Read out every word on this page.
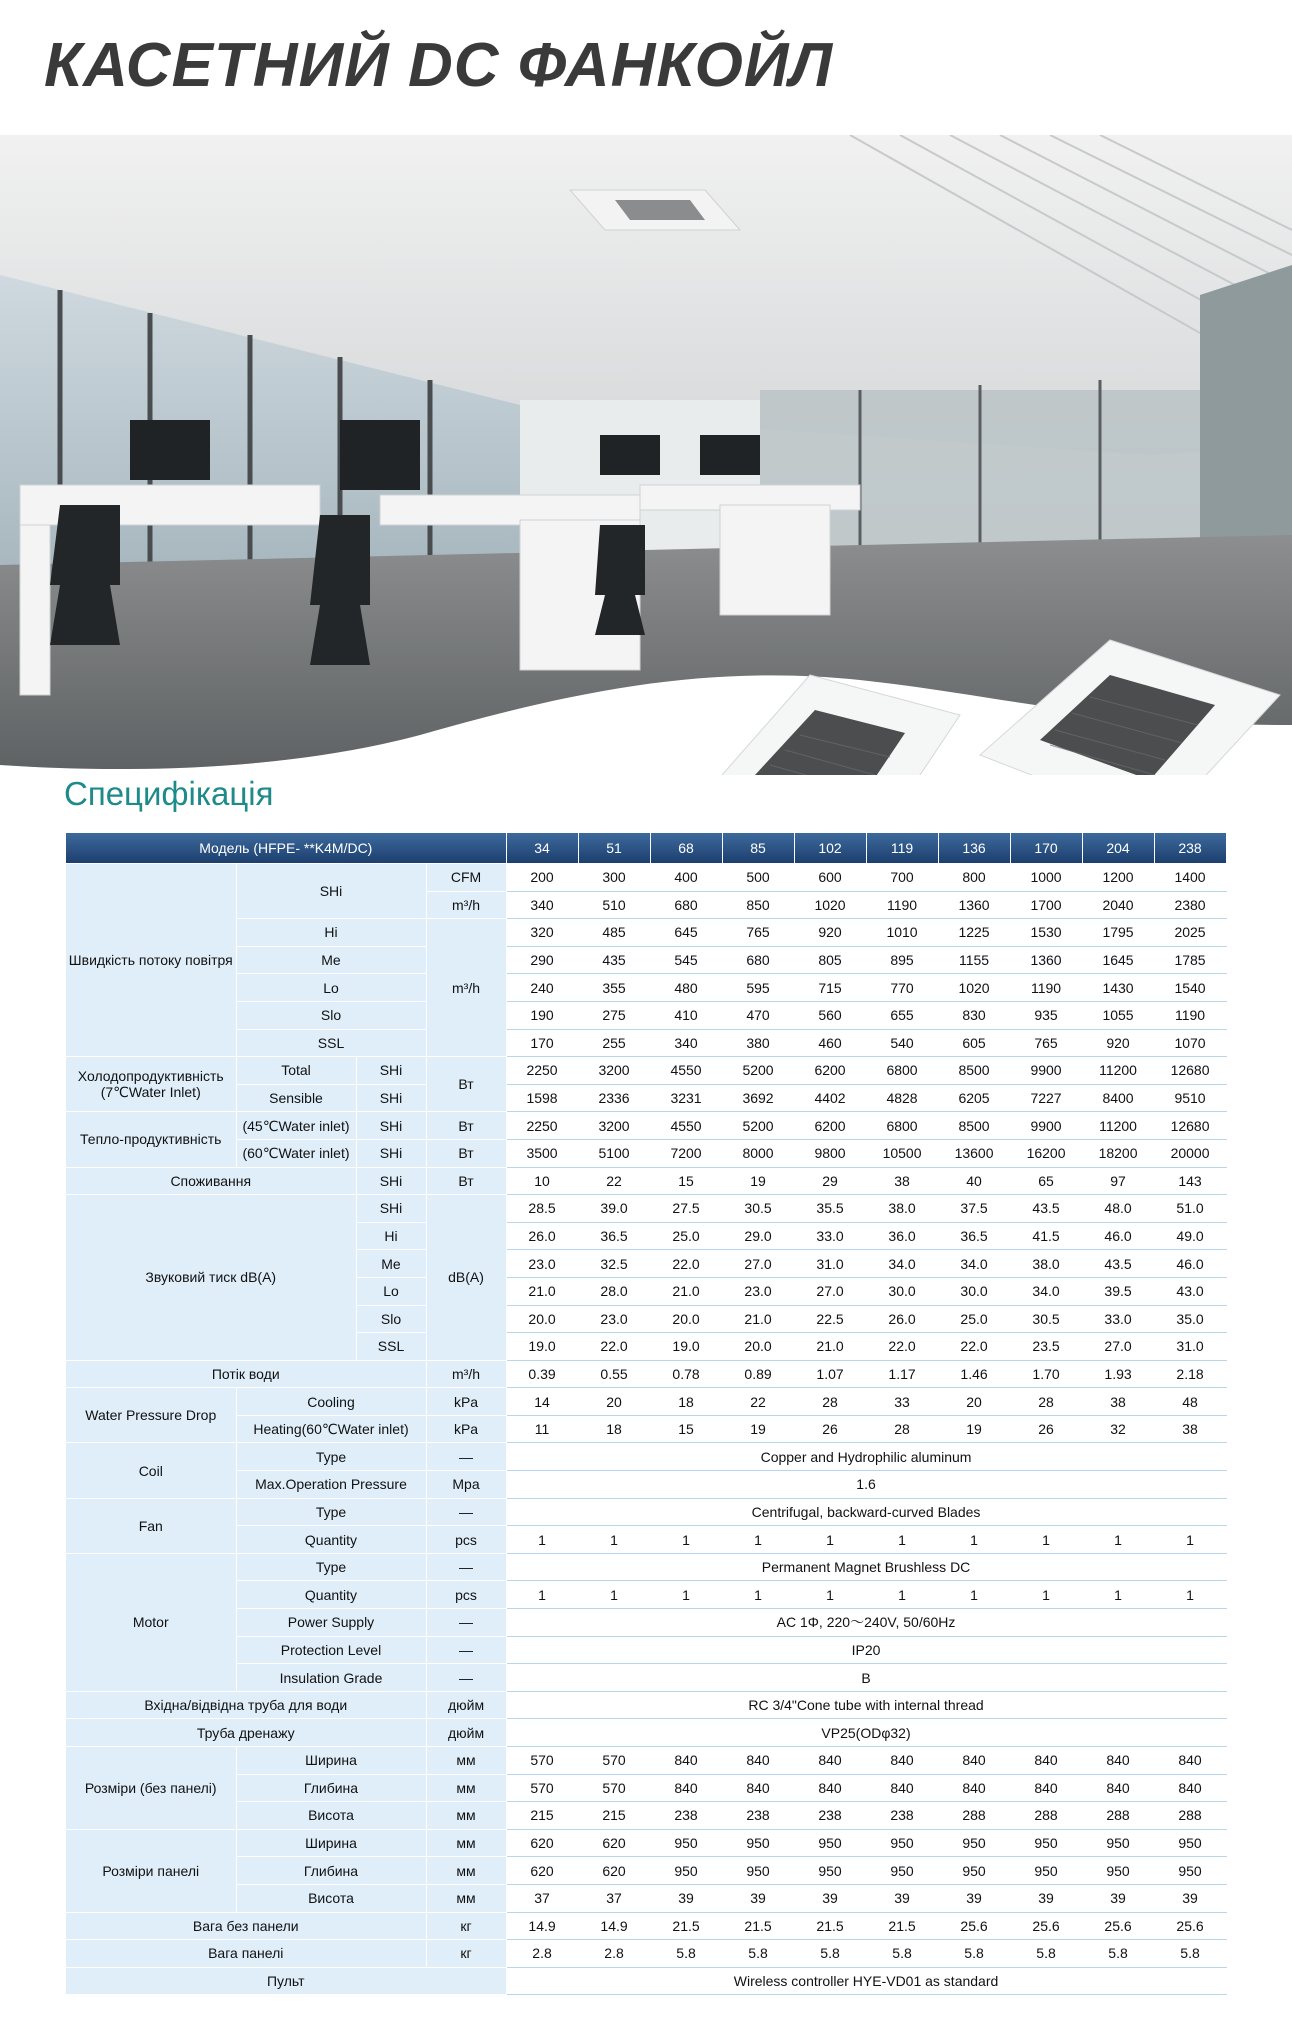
КАСЕТНИЙ DC ФАНКОЙЛ
Специфікація
Модель (HFPE- **K4M/DC)				34	51	68	85	102	119	136	170	204	238
Швидкість потоку повітря	SHi		CFM	200	300	400	500	600	700	800	1000	1200	1400
			m³/h	340	510	680	850	1020	1190	1360	1700	2040	2380
	Hi		m³/h	320	485	645	765	920	1010	1225	1530	1795	2025
	Me			290	435	545	680	805	895	1155	1360	1645	1785
	Lo			240	355	480	595	715	770	1020	1190	1430	1540
	Slo			190	275	410	470	560	655	830	935	1055	1190
	SSL			170	255	340	380	460	540	605	765	920	1070
Холодопродуктивність (7℃Water Inlet)	Total	SHi	Вт	2250	3200	4550	5200	6200	6800	8500	9900	11200	12680
	Sensible	SHi		1598	2336	3231	3692	4402	4828	6205	7227	8400	9510
Тепло-продуктивність	(45℃Water inlet)	SHi	Вт	2250	3200	4550	5200	6200	6800	8500	9900	11200	12680
	(60℃Water inlet)	SHi	Вт	3500	5100	7200	8000	9800	10500	13600	16200	18200	20000
Споживання		SHi	Вт	10	22	15	19	29	38	40	65	97	143
Звуковий тиск dB(A)		SHi	dB(A)	28.5	39.0	27.5	30.5	35.5	38.0	37.5	43.5	48.0	51.0
		Hi		26.0	36.5	25.0	29.0	33.0	36.0	36.5	41.5	46.0	49.0
		Me		23.0	32.5	22.0	27.0	31.0	34.0	34.0	38.0	43.5	46.0
		Lo		21.0	28.0	21.0	23.0	27.0	30.0	30.0	34.0	39.5	43.0
		Slo		20.0	23.0	20.0	21.0	22.5	26.0	25.0	30.5	33.0	35.0
		SSL		19.0	22.0	19.0	20.0	21.0	22.0	22.0	23.5	27.0	31.0
Потік води			m³/h	0.39	0.55	0.78	0.89	1.07	1.17	1.46	1.70	1.93	2.18
Water Pressure Drop	Cooling		kPa	14	20	18	22	28	33	20	28	38	48
	Heating(60℃Water inlet)		kPa	11	18	15	19	26	28	19	26	32	38
Coil	Type		—	Copper and Hydrophilic aluminum									
	Max.Operation Pressure		Mpa	1.6									
Fan	Type		—	Centrifugal, backward-curved Blades									
	Quantity		pcs	1	1	1	1	1	1	1	1	1	1
Motor	Type		—	Permanent Magnet Brushless DC									
	Quantity		pcs	1	1	1	1	1	1	1	1	1	1
	Power Supply		—	AC 1Φ, 220～240V, 50/60Hz									
	Protection Level		—	IP20									
	Insulation Grade		—	B									
Вхідна/відвідна труба для води			дюйм	RC 3/4"Cone tube with internal thread									
Труба дренажу			дюйм	VP25(ODφ32)									
Розміри (без панелі)	Ширина		мм	570	570	840	840	840	840	840	840	840	840
	Глибина		мм	570	570	840	840	840	840	840	840	840	840
	Висота		мм	215	215	238	238	238	238	288	288	288	288
Розміри панелі	Ширина		мм	620	620	950	950	950	950	950	950	950	950
	Глибина		мм	620	620	950	950	950	950	950	950	950	950
	Висота		мм	37	37	39	39	39	39	39	39	39	39
Вага без панели			кг	14.9	14.9	21.5	21.5	21.5	21.5	25.6	25.6	25.6	25.6
Вага панелі			кг	2.8	2.8	5.8	5.8	5.8	5.8	5.8	5.8	5.8	5.8
Пульт				Wireless controller HYE-VD01 as standard									
